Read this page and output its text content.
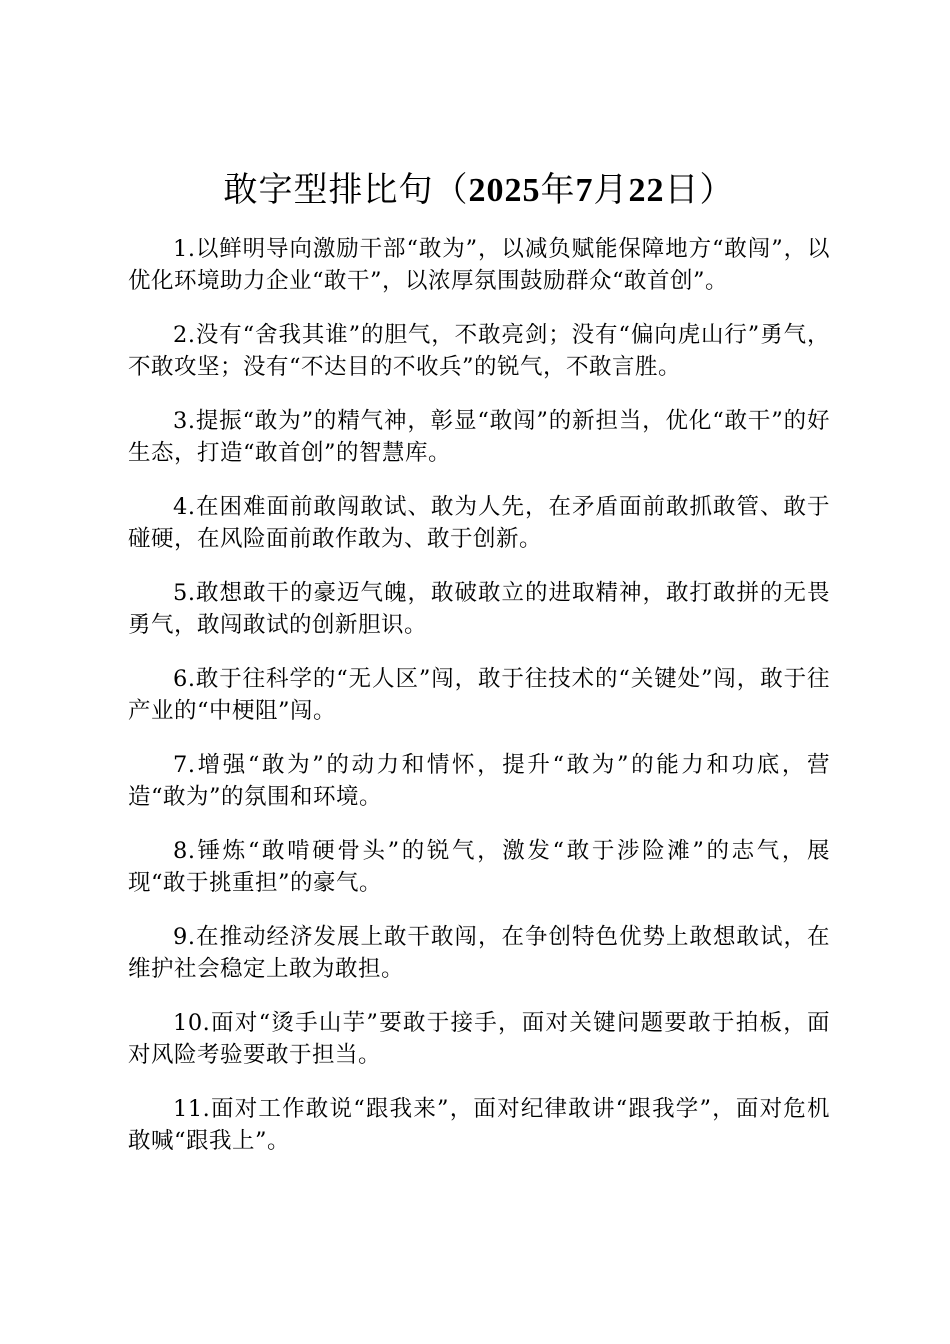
敢字型排比句（2025年7月22日）

1.以鲜明导向激励干部“敢为”，以减负赋能保障地方“敢闯”，以优化环境助力企业“敢干”，以浓厚氛围鼓励群众“敢首创”。

2.没有“舍我其谁”的胆气，不敢亮剑；没有“偏向虎山行”勇气，不敢攻坚；没有“不达目的不收兵”的锐气，不敢言胜。

3.提振“敢为”的精气神，彰显“敢闯”的新担当，优化“敢干”的好生态，打造“敢首创”的智慧库。

4.在困难面前敢闯敢试、敢为人先，在矛盾面前敢抓敢管、敢于碰硬，在风险面前敢作敢为、敢于创新。

5.敢想敢干的豪迈气魄，敢破敢立的进取精神，敢打敢拼的无畏勇气，敢闯敢试的创新胆识。

6.敢于往科学的“无人区”闯，敢于往技术的“关键处”闯，敢于往产业的“中梗阻”闯。

7.增强“敢为”的动力和情怀，提升“敢为”的能力和功底，营造“敢为”的氛围和环境。

8.锤炼“敢啃硬骨头”的锐气，激发“敢于涉险滩”的志气，展现“敢于挑重担”的豪气。

9.在推动经济发展上敢干敢闯，在争创特色优势上敢想敢试，在维护社会稳定上敢为敢担。

10.面对“烫手山芋”要敢于接手，面对关键问题要敢于拍板，面对风险考验要敢于担当。

11.面对工作敢说“跟我来”，面对纪律敢讲“跟我学”，面对危机敢喊“跟我上”。
